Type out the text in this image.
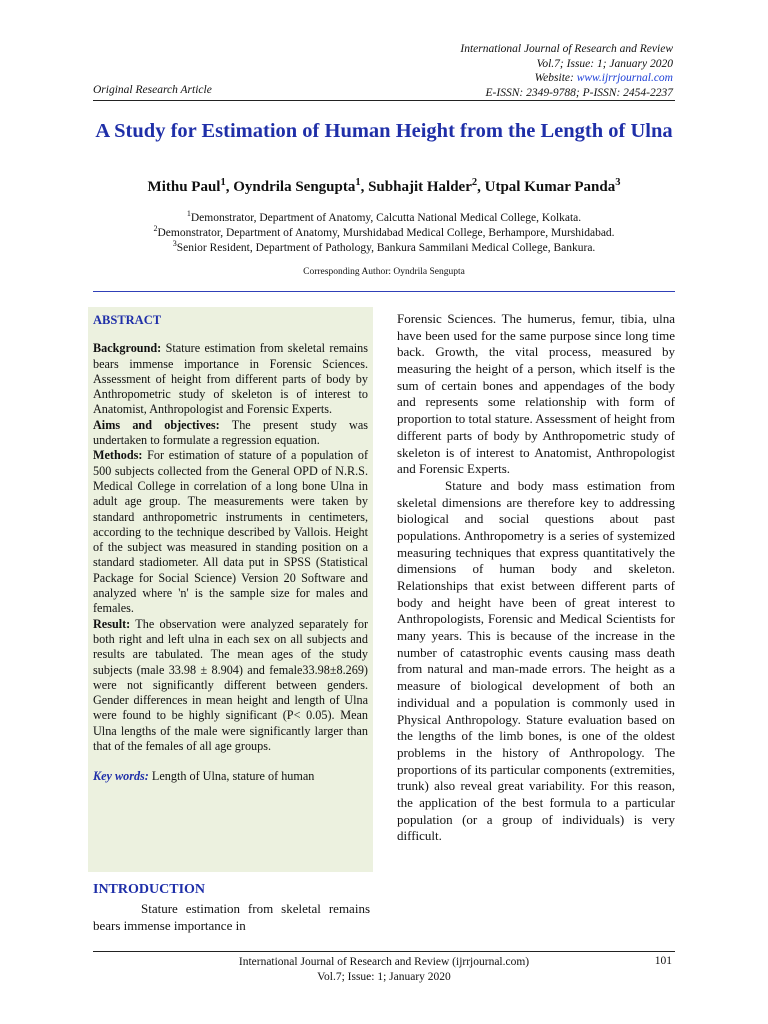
International Journal of Research and Review
Vol.7; Issue: 1; January 2020
Website: www.ijrrjournal.com
E-ISSN: 2349-9788; P-ISSN: 2454-2237
Original Research Article
A Study for Estimation of Human Height from the Length of Ulna
Mithu Paul$^1$, Oyndrila Sengupta$^1$, Subhajit Halder$^2$, Utpal Kumar Panda$^3$
$^1$Demonstrator, Department of Anatomy, Calcutta National Medical College, Kolkata.
$^2$Demonstrator, Department of Anatomy, Murshidabad Medical College, Berhampore, Murshidabad.
$^3$Senior Resident, Department of Pathology, Bankura Sammilani Medical College, Bankura.
Corresponding Author: Oyndrila Sengupta
ABSTRACT

Background: Stature estimation from skeletal remains bears immense importance in Forensic Sciences. Assessment of height from different parts of body by Anthropometric study of skeleton is of interest to Anatomist, Anthropologist and Forensic Experts.

Aims and objectives: The present study was undertaken to formulate a regression equation.

Methods: For estimation of stature of a population of 500 subjects collected from the General OPD of N.R.S. Medical College in correlation of a long bone Ulna in adult age group. The measurements were taken by standard anthropometric instruments in centimeters, according to the technique described by Vallois. Height of the subject was measured in standing position on a standard stadiometer. All data put in SPSS (Statistical Package for Social Science) Version 20 Software and analyzed where 'n' is the sample size for males and females.

Result: The observation were analyzed separately for both right and left ulna in each sex on all subjects and results are tabulated. The mean ages of the study subjects (male 33.98 ± 8.904) and female33.98±8.269) were not significantly different between genders. Gender differences in mean height and length of Ulna were found to be highly significant (P< 0.05). Mean Ulna lengths of the male were significantly larger than that of the females of all age groups.

Key words: Length of Ulna, stature of human

INTRODUCTION
Stature estimation from skeletal remains bears immense importance in

Forensic Sciences. The humerus, femur, tibia, ulna have been used for the same purpose since long time back. Growth, the vital process, measured by measuring the height of a person, which itself is the sum of certain bones and appendages of the body and represents some relationship with form of proportion to total stature. Assessment of height from different parts of body by Anthropometric study of skeleton is of interest to Anatomist, Anthropologist and Forensic Experts.

Stature and body mass estimation from skeletal dimensions are therefore key to addressing biological and social questions about past populations. Anthropometry is a series of systemized measuring techniques that express quantitatively the dimensions of human body and skeleton. Relationships that exist between different parts of body and height have been of great interest to Anthropologists, Forensic and Medical Scientists for many years. This is because of the increase in the number of catastrophic events causing mass death from natural and man-made errors. The height as a measure of biological development of both an individual and a population is commonly used in Physical Anthropology. Stature evaluation based on the lengths of the limb bones, is one of the oldest problems in the history of Anthropology. The proportions of its particular components (extremities, trunk) also reveal great variability. For this reason, the application of the best formula to a particular population (or a group of individuals) is very difficult.

International Journal of Research and Review (ijrrjournal.com)
Vol.7; Issue: 1; January 2020
101
